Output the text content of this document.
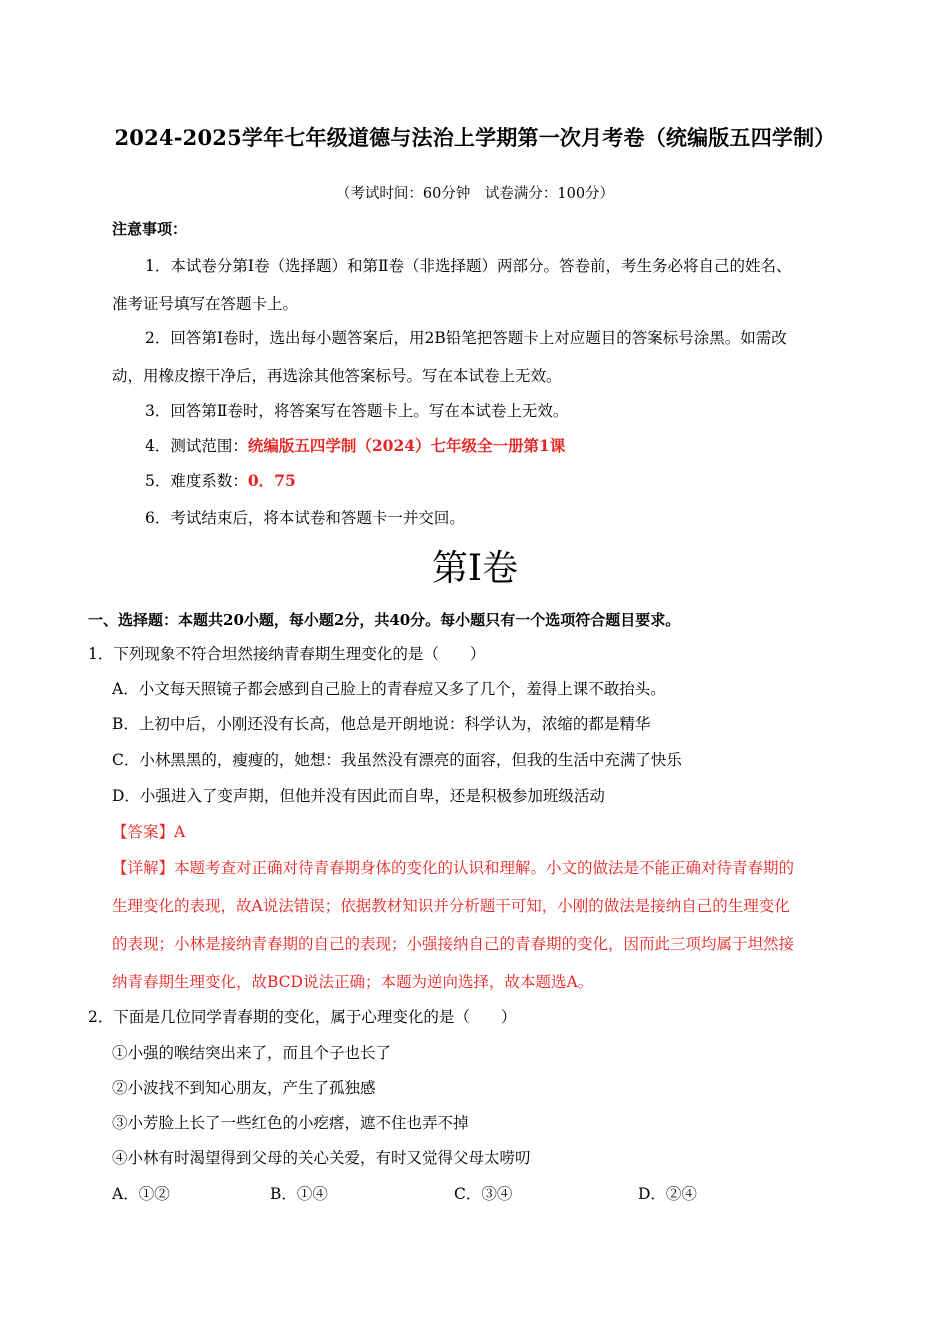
2024-2025学年七年级道德与法治上学期第一次月考卷（统编版五四学制）
（考试时间：60分钟　试卷满分：100分）
注意事项：
1．本试卷分第Ⅰ卷（选择题）和第Ⅱ卷（非选择题）两部分。答卷前，考生务必将自己的姓名、
准考证号填写在答题卡上。
2．回答第Ⅰ卷时，选出每小题答案后，用2B铅笔把答题卡上对应题目的答案标号涂黑。如需改
动，用橡皮擦干净后，再选涂其他答案标号。写在本试卷上无效。
3．回答第Ⅱ卷时，将答案写在答题卡上。写在本试卷上无效。
4．测试范围：统编版五四学制（2024）七年级全一册第1课
5．难度系数：0．75
6．考试结束后，将本试卷和答题卡一并交回。
第Ⅰ卷
一、选择题：本题共20小题，每小题2分，共40分。每小题只有一个选项符合题目要求。
1．下列现象不符合坦然接纳青春期生理变化的是（　　）
A．小文每天照镜子都会感到自己脸上的青春痘又多了几个，羞得上课不敢抬头。
B．上初中后，小刚还没有长高，他总是开朗地说：科学认为，浓缩的都是精华
C．小林黑黑的，瘦瘦的，她想：我虽然没有漂亮的面容，但我的生活中充满了快乐
D．小强进入了变声期，但他并没有因此而自卑，还是积极参加班级活动
【答案】A
【详解】本题考查对正确对待青春期身体的变化的认识和理解。小文的做法是不能正确对待青春期的
生理变化的表现，故A说法错误；依据教材知识并分析题干可知，小刚的做法是接纳自己的生理变化
的表现；小林是接纳青春期的自己的表现；小强接纳自己的青春期的变化，因而此三项均属于坦然接
纳青春期生理变化，故BCD说法正确；本题为逆向选择，故本题选A。
2．下面是几位同学青春期的变化，属于心理变化的是（　　）
①小强的喉结突出来了，而且个子也长了
②小波找不到知心朋友，产生了孤独感
③小芳脸上长了一些红色的小疙瘩，遮不住也弄不掉
④小林有时渴望得到父母的关心关爱，有时又觉得父母太唠叨
A．①②	B．①④	C．③④	D．②④
